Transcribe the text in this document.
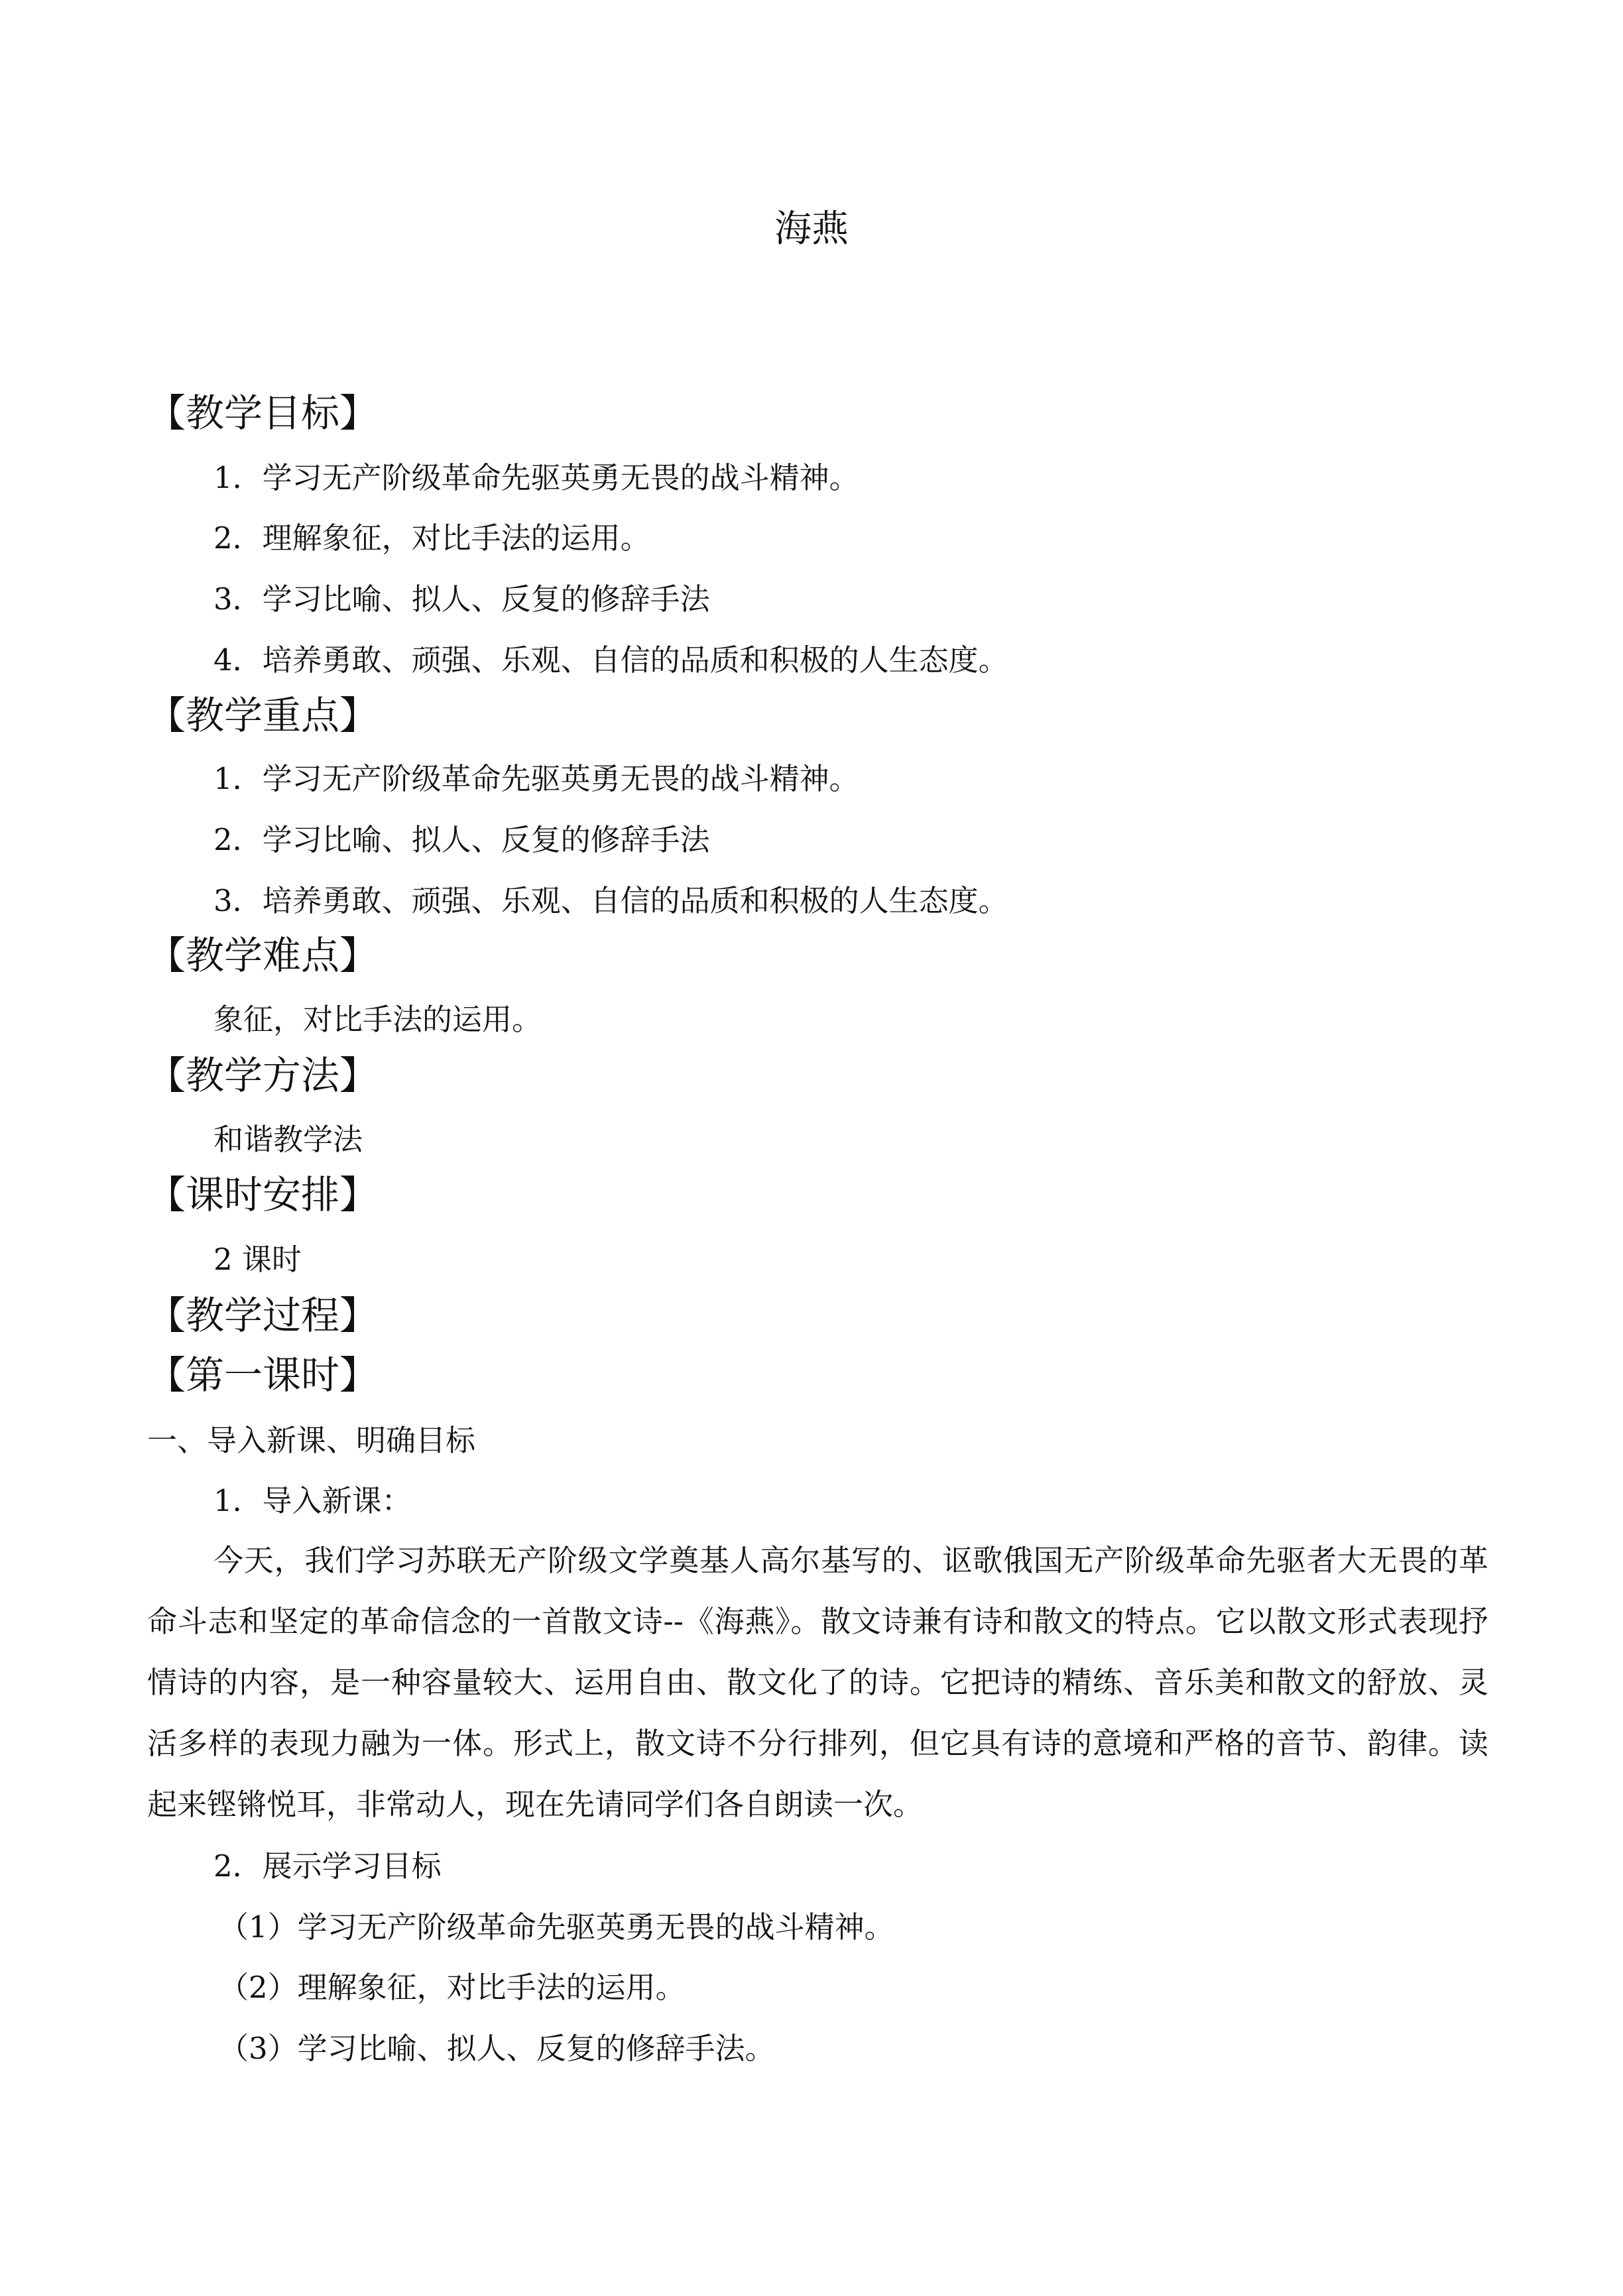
海燕
【教学目标】
1．学习无产阶级革命先驱英勇无畏的战斗精神。
2．理解象征，对比手法的运用。
3．学习比喻、拟人、反复的修辞手法
4．培养勇敢、顽强、乐观、自信的品质和积极的人生态度。
【教学重点】
1．学习无产阶级革命先驱英勇无畏的战斗精神。
2．学习比喻、拟人、反复的修辞手法
3．培养勇敢、顽强、乐观、自信的品质和积极的人生态度。
【教学难点】
象征，对比手法的运用。
【教学方法】
和谐教学法
【课时安排】
2 课时
【教学过程】
【第一课时】
一、导入新课、明确目标
1．导入新课：
今天，我们学习苏联无产阶级文学奠基人高尔基写的、讴歌俄国无产阶级革命先驱者大无畏的革命斗志和坚定的革命信念的一首散文诗--《海燕》。散文诗兼有诗和散文的特点。它以散文形式表现抒情诗的内容，是一种容量较大、运用自由、散文化了的诗。它把诗的精练、音乐美和散文的舒放、灵活多样的表现力融为一体。形式上，散文诗不分行排列，但它具有诗的意境和严格的音节、韵律。读起来铿锵悦耳，非常动人，现在先请同学们各自朗读一次。
2．展示学习目标
（1）学习无产阶级革命先驱英勇无畏的战斗精神。
（2）理解象征，对比手法的运用。
（3）学习比喻、拟人、反复的修辞手法。
